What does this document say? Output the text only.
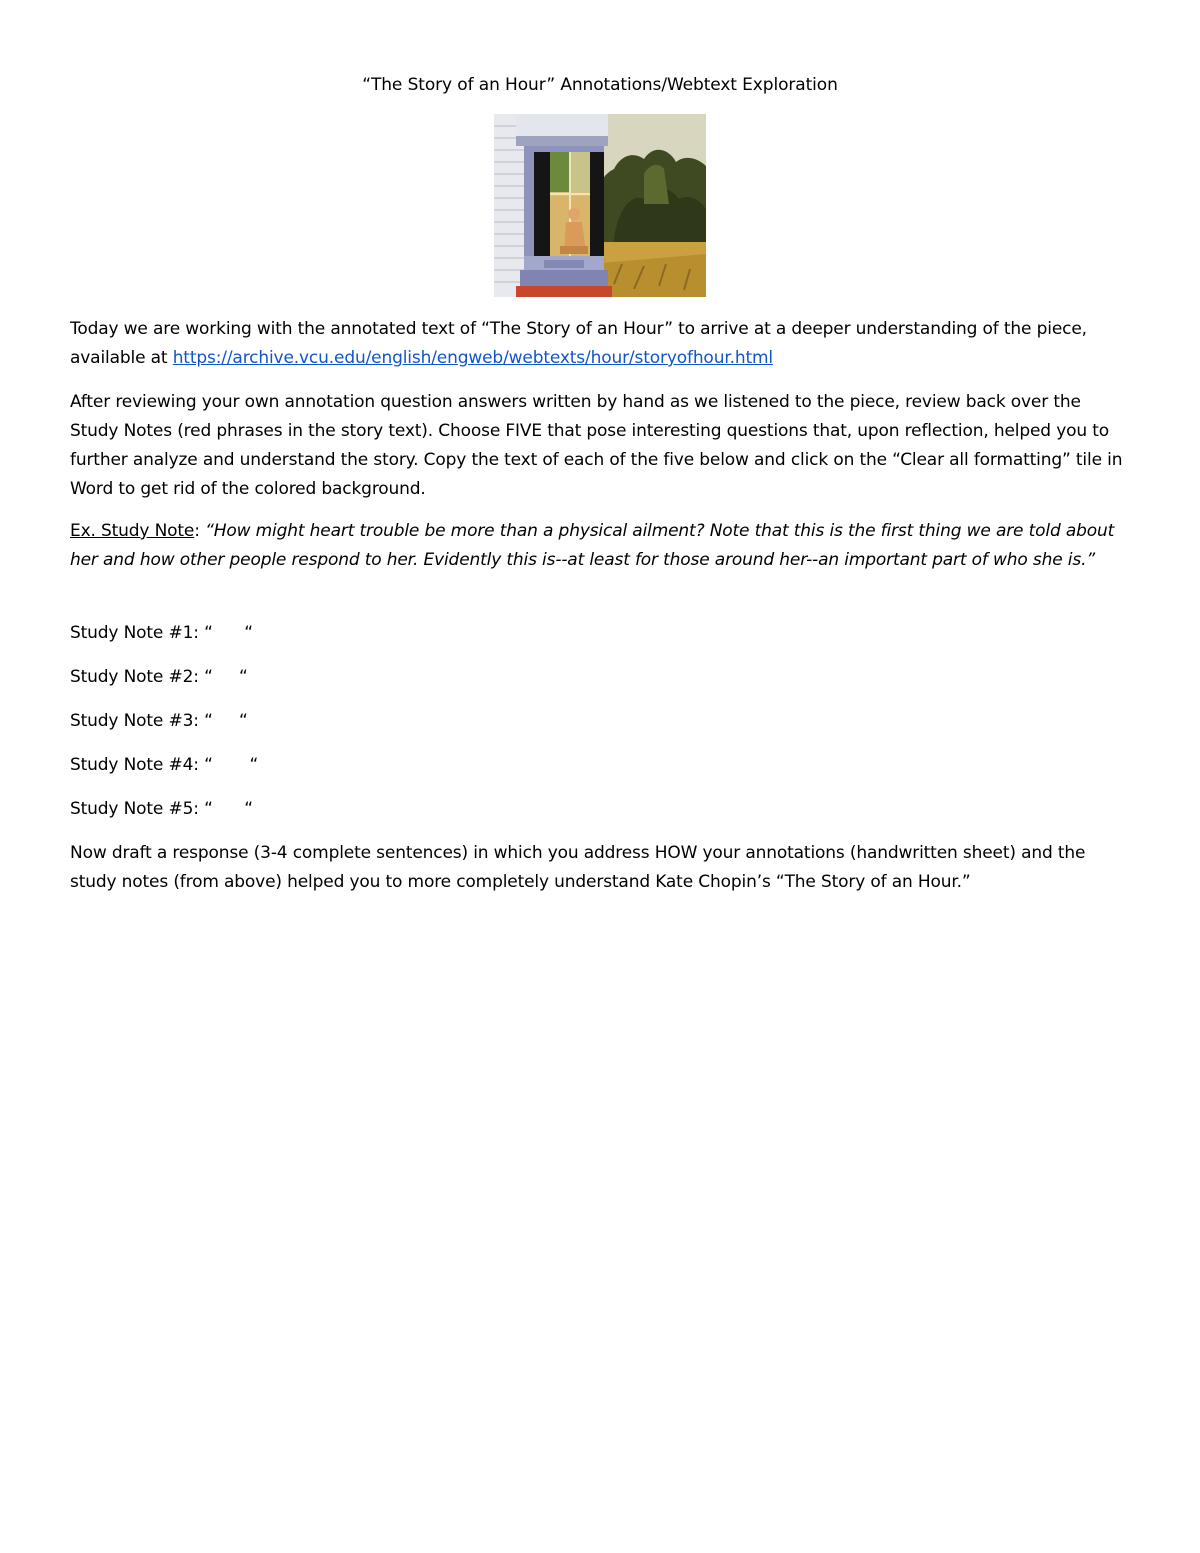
“The Story of an Hour” Annotations/Webtext Exploration
Today we are working with the annotated text of “The Story of an Hour” to arrive at a deeper understanding of the piece, available at https://archive.vcu.edu/english/engweb/webtexts/hour/storyofhour.html
After reviewing your own annotation question answers written by hand as we listened to the piece, review back over the Study Notes (red phrases in the story text). Choose FIVE that pose interesting questions that, upon reflection, helped you to further analyze and understand the story. Copy the text of each of the five below and click on the “Clear all formatting” tile in Word to get rid of the colored background.
Ex. Study Note: “How might heart trouble be more than a physical ailment? Note that this is the first thing we are told about her and how other people respond to her. Evidently this is--at least for those around her--an important part of who she is.”
Study Note #1: “      “
Study Note #2: “     “
Study Note #3: “     “
Study Note #4: “       “
Study Note #5: “      “
Now draft a response (3-4 complete sentences) in which you address HOW your annotations (handwritten sheet) and the study notes (from above) helped you to more completely understand Kate Chopin’s “The Story of an Hour.”
